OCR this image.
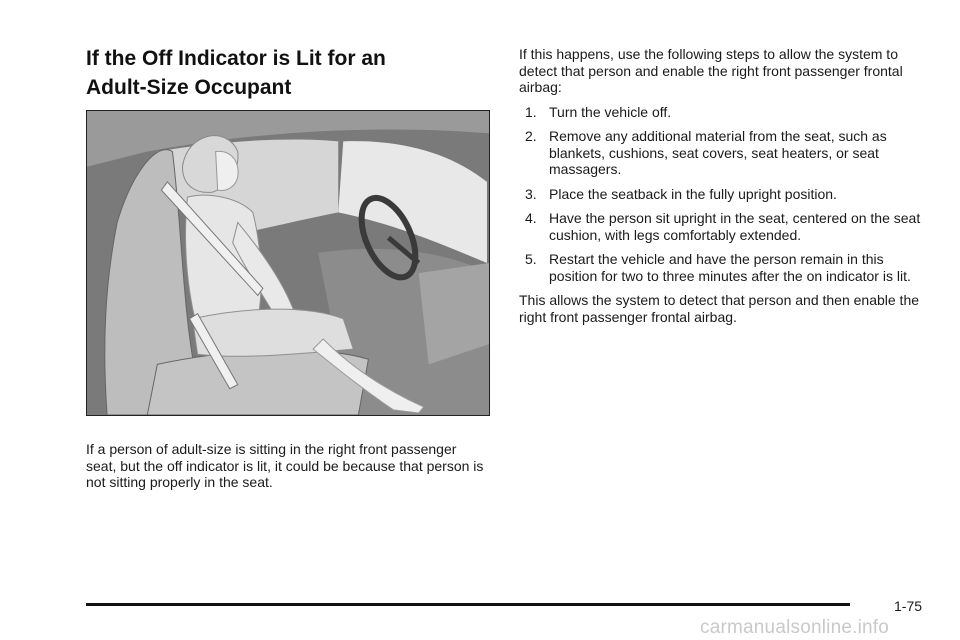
If the Off Indicator is Lit for an
Adult-Size Occupant

If a person of adult-size is sitting in the right front passenger seat, but the off indicator is lit, it could be because that person is not sitting properly in the seat.

If this happens, use the following steps to allow the system to detect that person and enable the right front passenger frontal airbag:

1. Turn the vehicle off.
2. Remove any additional material from the seat, such as blankets, cushions, seat covers, seat heaters, or seat massagers.
3. Place the seatback in the fully upright position.
4. Have the person sit upright in the seat, centered on the seat cushion, with legs comfortably extended.
5. Restart the vehicle and have the person remain in this position for two to three minutes after the on indicator is lit.

This allows the system to detect that person and then enable the right front passenger frontal airbag.

1-75
carmanualsonline.info
